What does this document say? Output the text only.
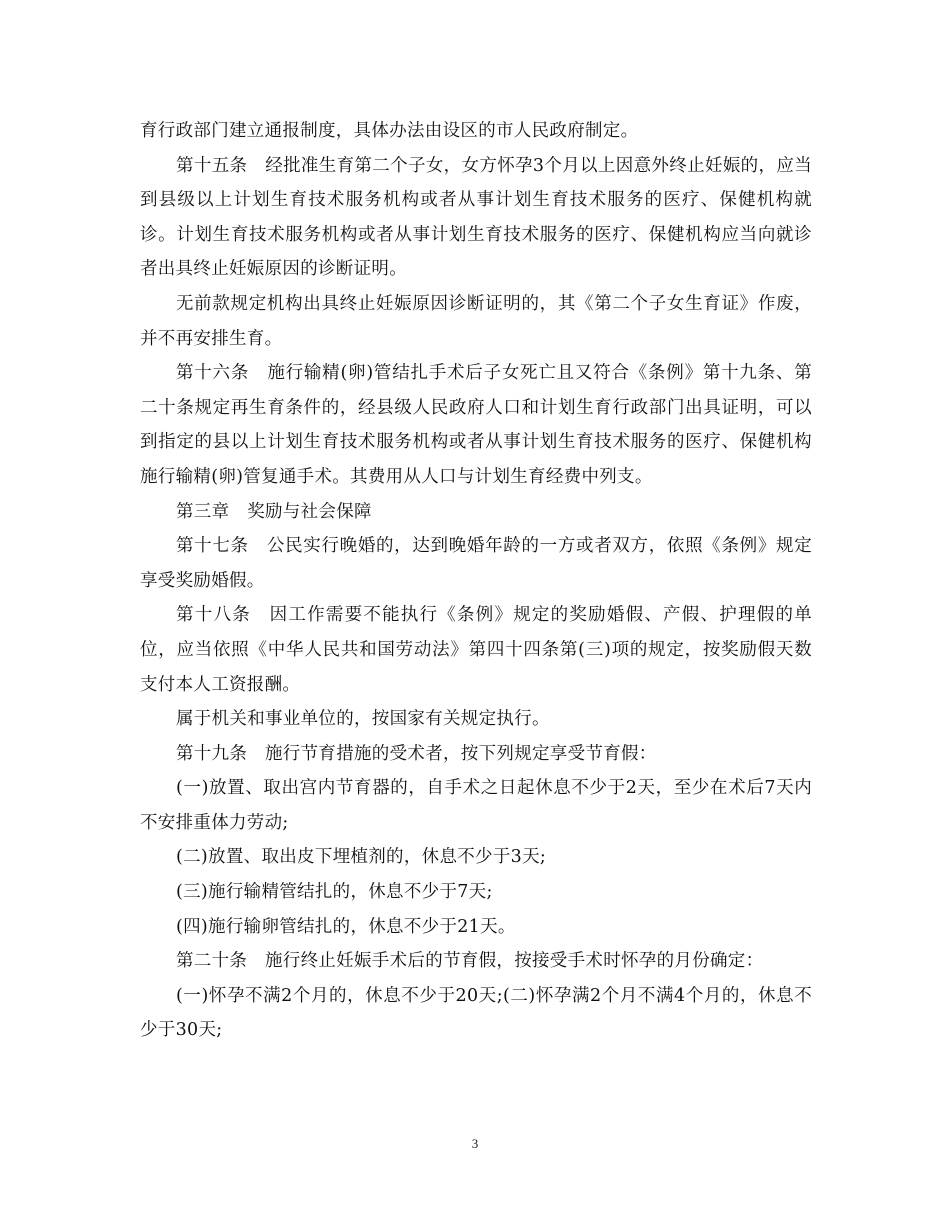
育行政部门建立通报制度，具体办法由设区的市人民政府制定。

第十五条　经批准生育第二个子女，女方怀孕3个月以上因意外终止妊娠的，应当到县级以上计划生育技术服务机构或者从事计划生育技术服务的医疗、保健机构就诊。计划生育技术服务机构或者从事计划生育技术服务的医疗、保健机构应当向就诊者出具终止妊娠原因的诊断证明。

无前款规定机构出具终止妊娠原因诊断证明的，其《第二个子女生育证》作废，并不再安排生育。

第十六条　施行输精(卵)管结扎手术后子女死亡且又符合《条例》第十九条、第二十条规定再生育条件的，经县级人民政府人口和计划生育行政部门出具证明，可以到指定的县以上计划生育技术服务机构或者从事计划生育技术服务的医疗、保健机构施行输精(卵)管复通手术。其费用从人口与计划生育经费中列支。

第三章　奖励与社会保障

第十七条　公民实行晚婚的，达到晚婚年龄的一方或者双方，依照《条例》规定享受奖励婚假。

第十八条　因工作需要不能执行《条例》规定的奖励婚假、产假、护理假的单位，应当依照《中华人民共和国劳动法》第四十四条第(三)项的规定，按奖励假天数支付本人工资报酬。

属于机关和事业单位的，按国家有关规定执行。

第十九条　施行节育措施的受术者，按下列规定享受节育假：

(一)放置、取出宫内节育器的，自手术之日起休息不少于2天，至少在术后7天内不安排重体力劳动;

(二)放置、取出皮下埋植剂的，休息不少于3天;

(三)施行输精管结扎的，休息不少于7天;

(四)施行输卵管结扎的，休息不少于21天。

第二十条　施行终止妊娠手术后的节育假，按接受手术时怀孕的月份确定：

(一)怀孕不满2个月的，休息不少于20天;(二)怀孕满2个月不满4个月的，休息不少于30天;

3
